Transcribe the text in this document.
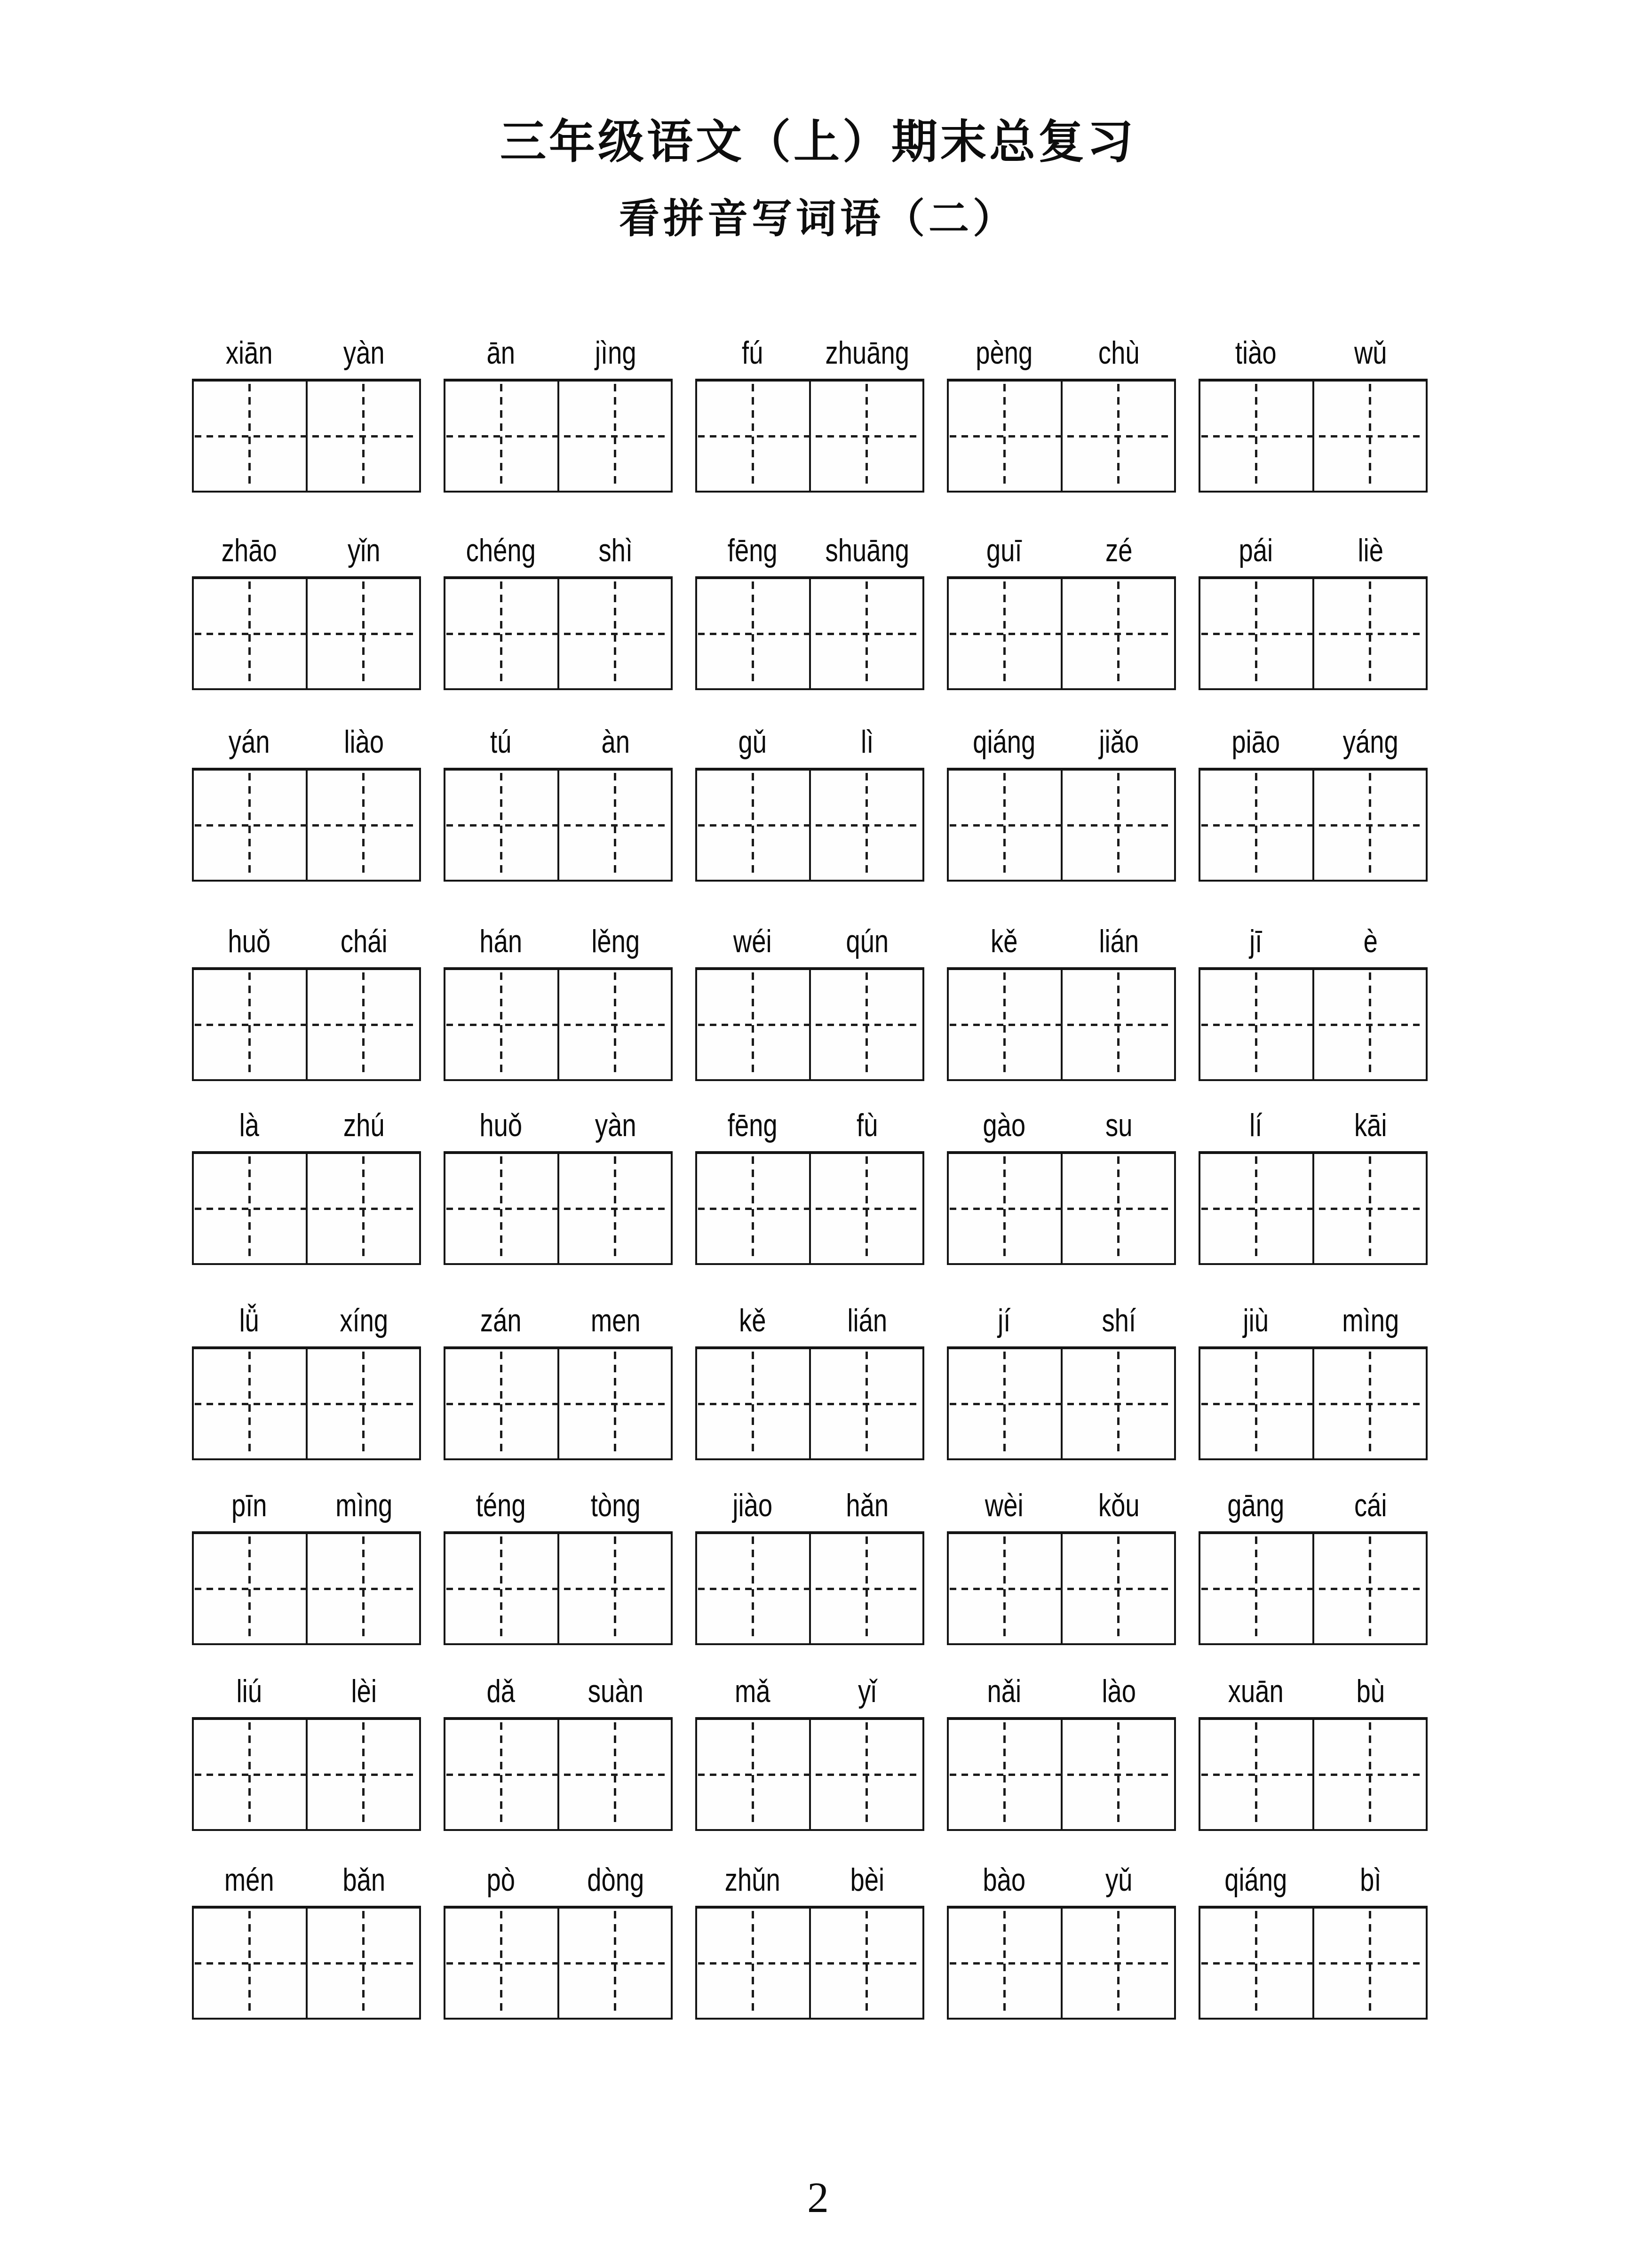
三年级语文（上）期末总复习
看拼音写词语（二）
xiān	yàn	ān	jìng	fú	zhuāng	pèng	chù	tiào	wǔ
zhāo	yǐn	chéng	shì	fēng	shuāng	guī	zé	pái	liè
yán	liào	tú	àn	gǔ	lì	qiáng	jiǎo	piāo	yáng
huǒ	chái	hán	lěng	wéi	qún	kě	lián	jī	è
là	zhú	huǒ	yàn	fēng	fù	gào	su	lí	kāi
lǚ	xíng	zán	men	kě	lián	jí	shí	jiù	mìng
pīn	mìng	téng	tòng	jiào	hǎn	wèi	kǒu	gāng	cái
liú	lèi	dǎ	suàn	mǎ	yǐ	nǎi	lào	xuān	bù
mén	bǎn	pò	dòng	zhǔn	bèi	bào	yǔ	qiáng	bì
2
